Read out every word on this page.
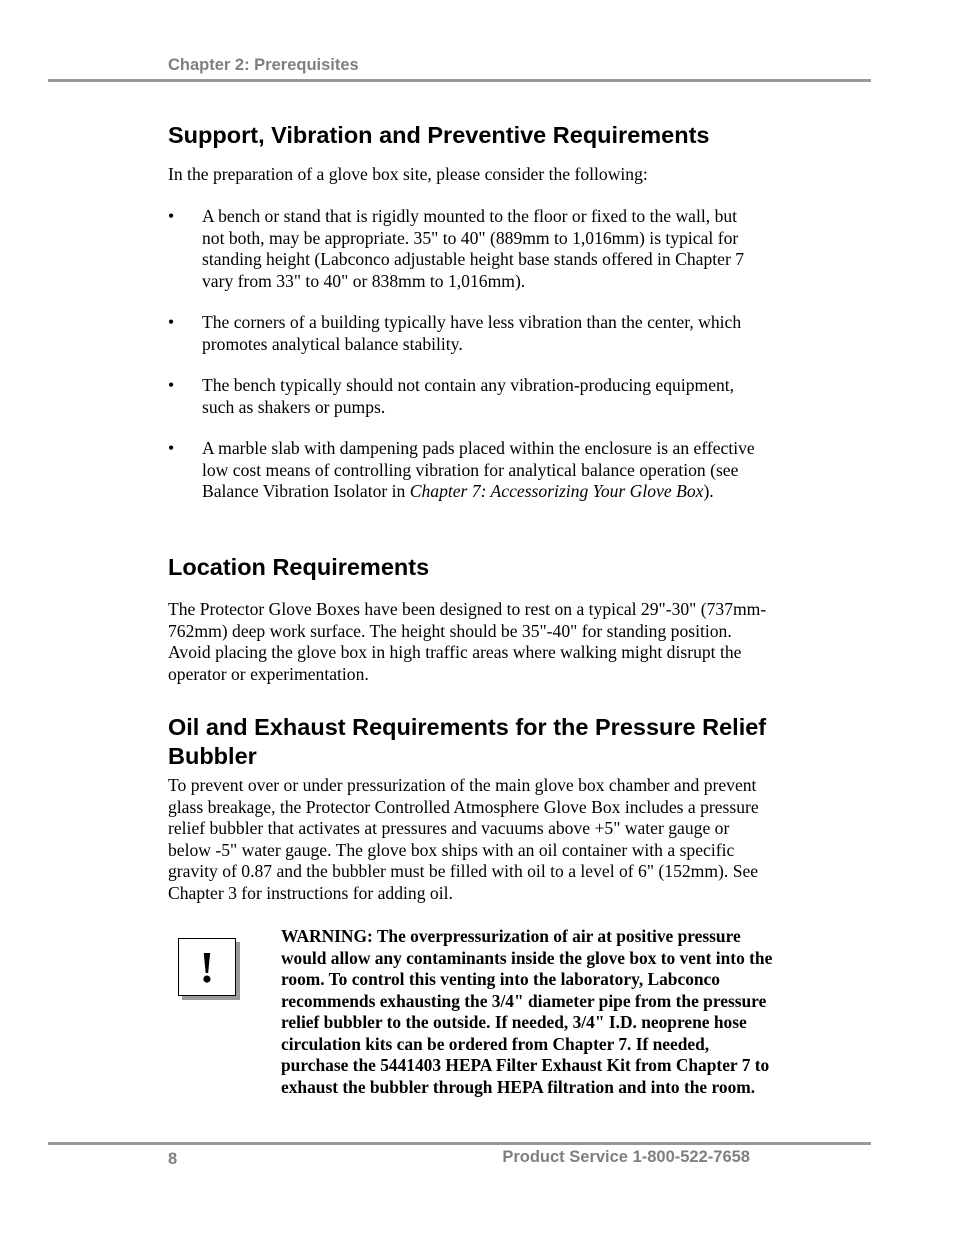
Chapter 2: Prerequisites
Support, Vibration and Preventive Requirements

In the preparation of a glove box site, please consider the following:

• A bench or stand that is rigidly mounted to the floor or fixed to the wall, but not both, may be appropriate. 35" to 40" (889mm to 1,016mm) is typical for standing height (Labconco adjustable height base stands offered in Chapter 7 vary from 33" to 40" or 838mm to 1,016mm).

• The corners of a building typically have less vibration than the center, which promotes analytical balance stability.

• The bench typically should not contain any vibration-producing equipment, such as shakers or pumps.

• A marble slab with dampening pads placed within the enclosure is an effective low cost means of controlling vibration for analytical balance operation (see Balance Vibration Isolator in Chapter 7: Accessorizing Your Glove Box).

Location Requirements

The Protector Glove Boxes have been designed to rest on a typical 29"-30" (737mm-762mm) deep work surface. The height should be 35"-40" for standing position. Avoid placing the glove box in high traffic areas where walking might disrupt the operator or experimentation.

Oil and Exhaust Requirements for the Pressure Relief Bubbler

To prevent over or under pressurization of the main glove box chamber and prevent glass breakage, the Protector Controlled Atmosphere Glove Box includes a pressure relief bubbler that activates at pressures and vacuums above +5" water gauge or below -5" water gauge. The glove box ships with an oil container with a specific gravity of 0.87 and the bubbler must be filled with oil to a level of 6" (152mm). See Chapter 3 for instructions for adding oil.

!

WARNING: The overpressurization of air at positive pressure would allow any contaminants inside the glove box to vent into the room. To control this venting into the laboratory, Labconco recommends exhausting the 3/4" diameter pipe from the pressure relief bubbler to the outside. If needed, 3/4" I.D. neoprene hose circulation kits can be ordered from Chapter 7. If needed, purchase the 5441403 HEPA Filter Exhaust Kit from Chapter 7 to exhaust the bubbler through HEPA filtration and into the room.

8	Product Service 1-800-522-7658
